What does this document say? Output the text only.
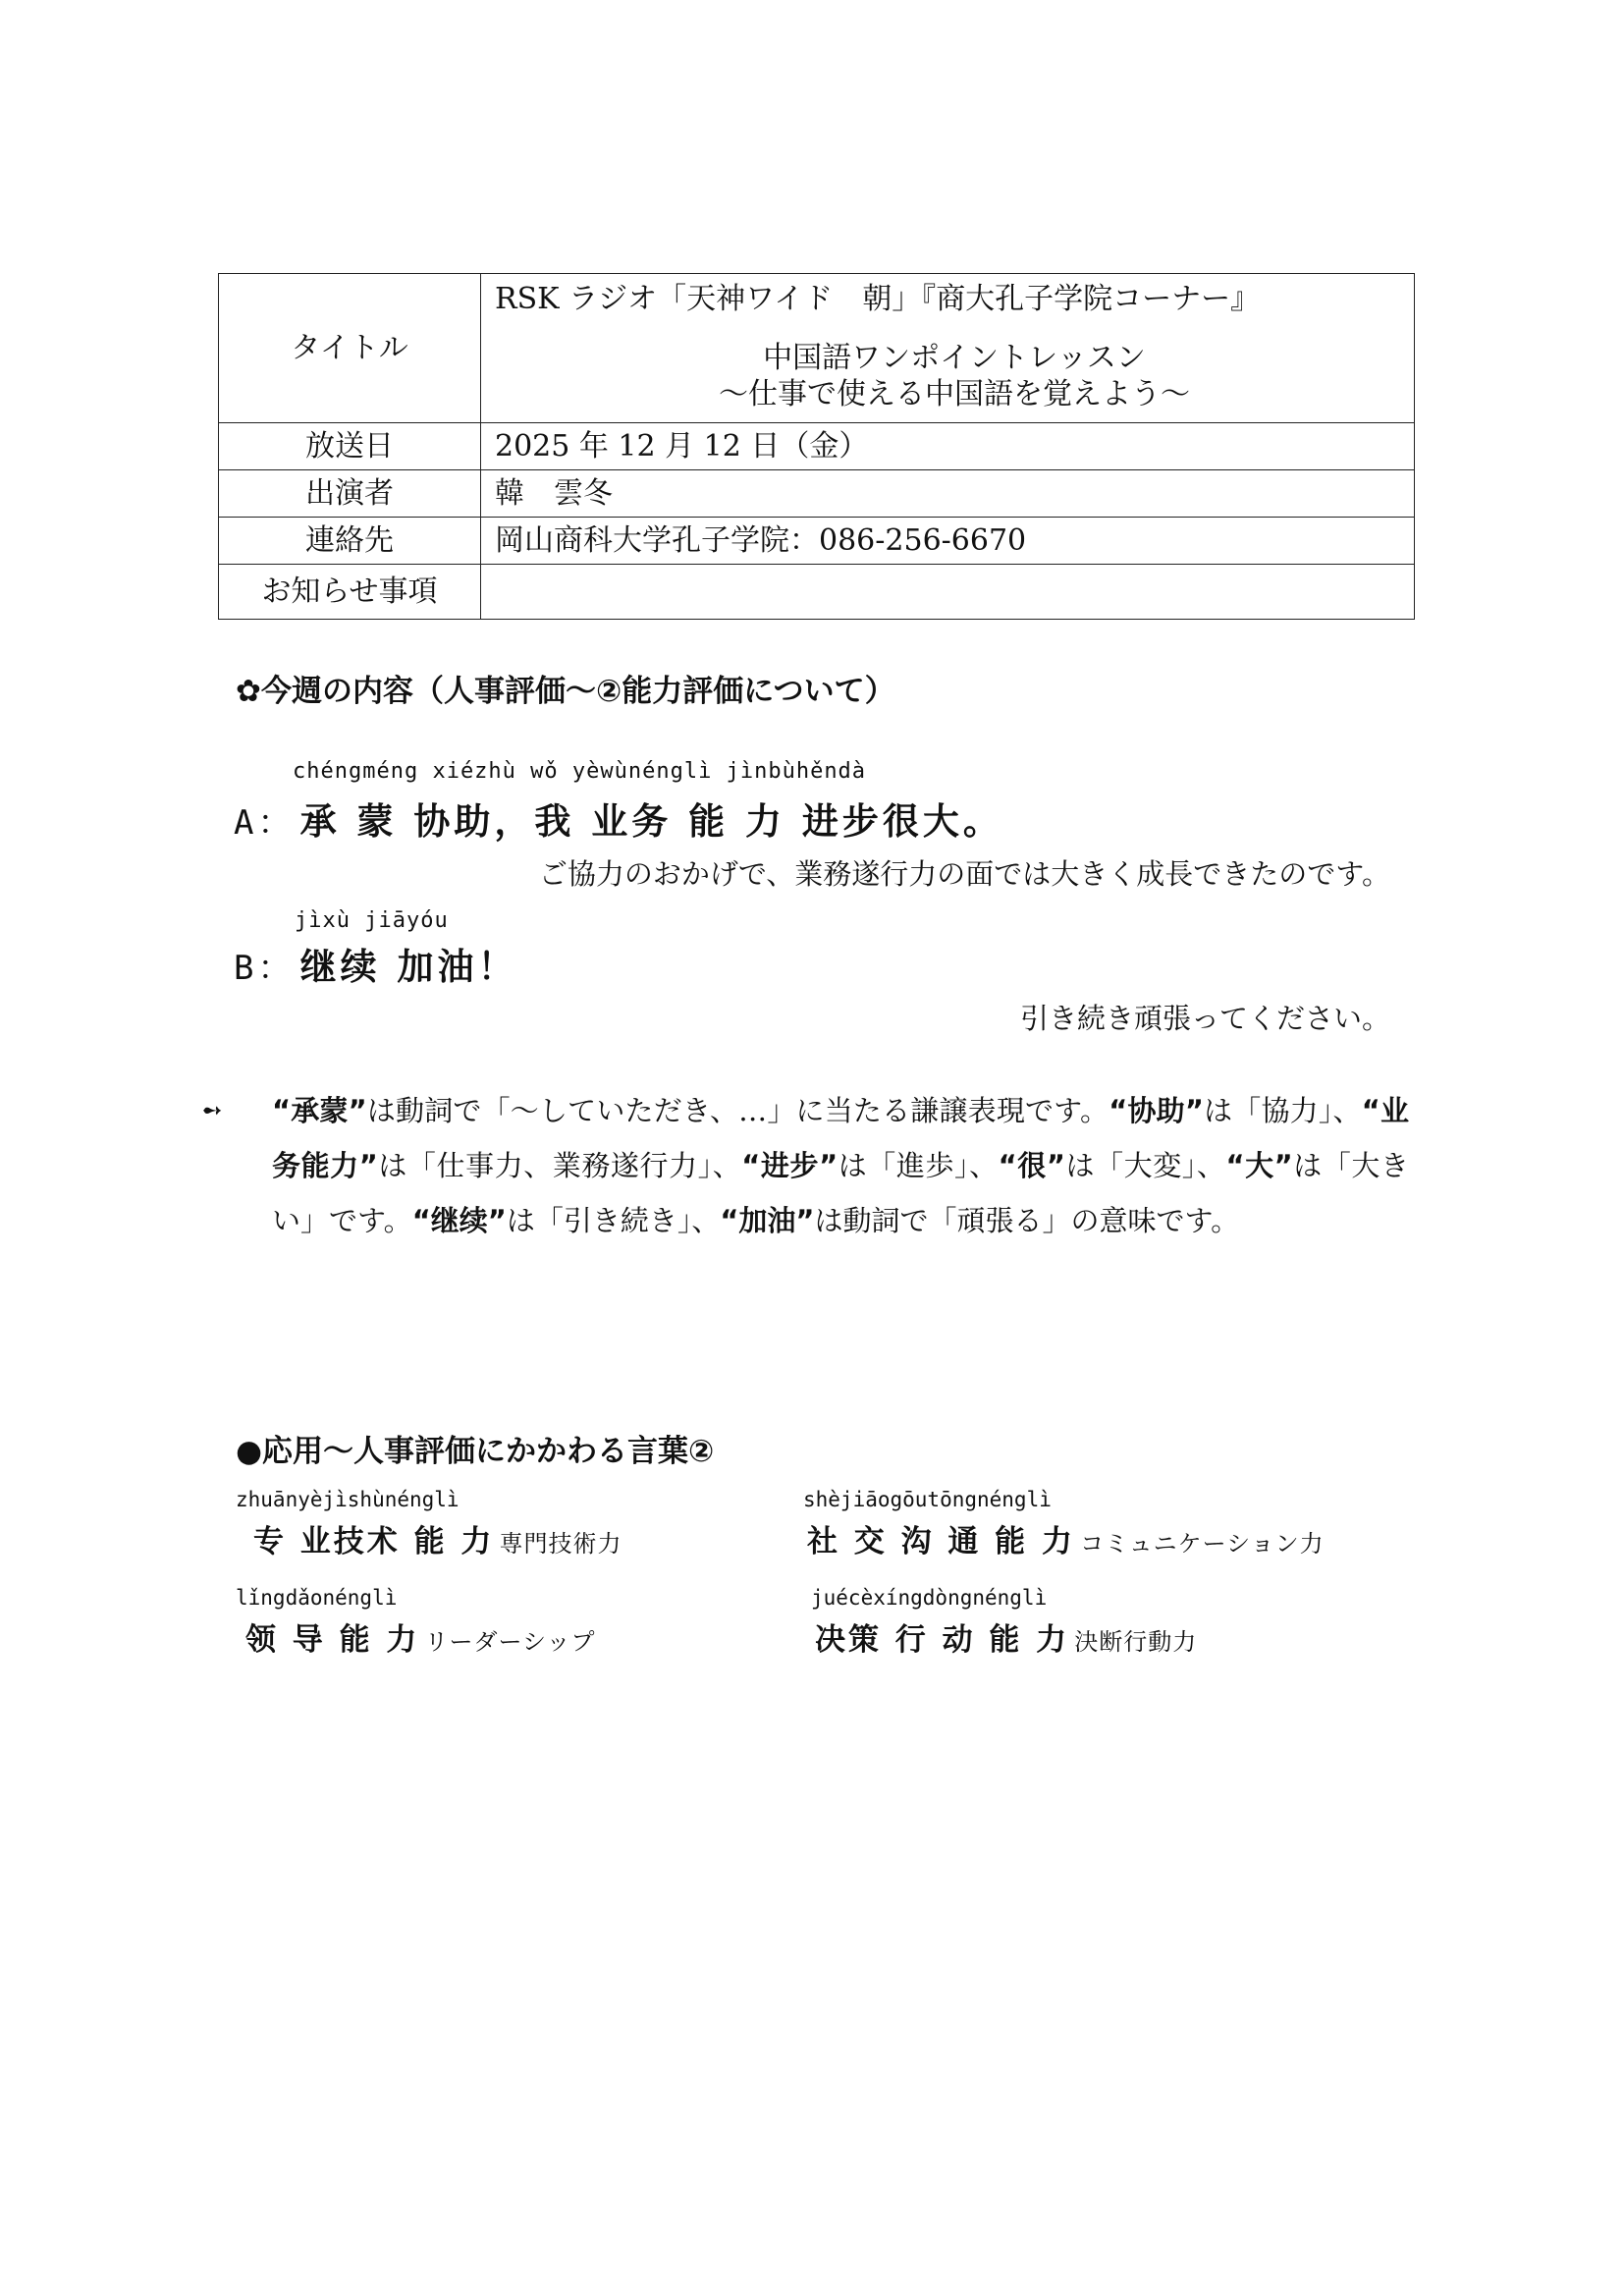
タイトル	RSK ラジオ「天神ワイド　朝」『商大孔子学院コーナー』
中国語ワンポイントレッスン
～仕事で使える中国語を覚えよう～

放送日	2025 年 12 月 12 日（金）
出演者	韓　雲冬
連絡先	岡山商科大学孔子学院：086-256-6670
お知らせ事項	
✿今週の内容（人事評価～②能力評価について）
chéngméng xiézhù wǒ yèwùnénglì jìnbùhěndà
A： 承 蒙 协助，我 业务 能 力 进步很大。
ご協力のおかげで、業務遂行力の面では大きく成長できたのです。
jìxù jiāyóu
B： 继续 加油！
引き続き頑張ってください。
➻ “承蒙”は動詞で「～していただき、…」に当たる謙譲表現です。“协助”は「協力」、“业务能力”は「仕事力、業務遂行力」、“进步”は「進歩」、“很”は「大変」、“大”は「大きい」です。“继续”は「引き続き」、“加油”は動詞で「頑張る」の意味です。
●応用～人事評価にかかわる言葉②
zhuānyèjìshùnénglì
专 业技术 能 力 専門技術力
shèjiāogōutōngnénglì
社 交 沟 通 能 力 コミュニケーション力
lǐngdǎonénglì
领 导 能 力 リーダーシップ
juécèxíngdòngnénglì
决策 行 动 能 力 決断行動力
